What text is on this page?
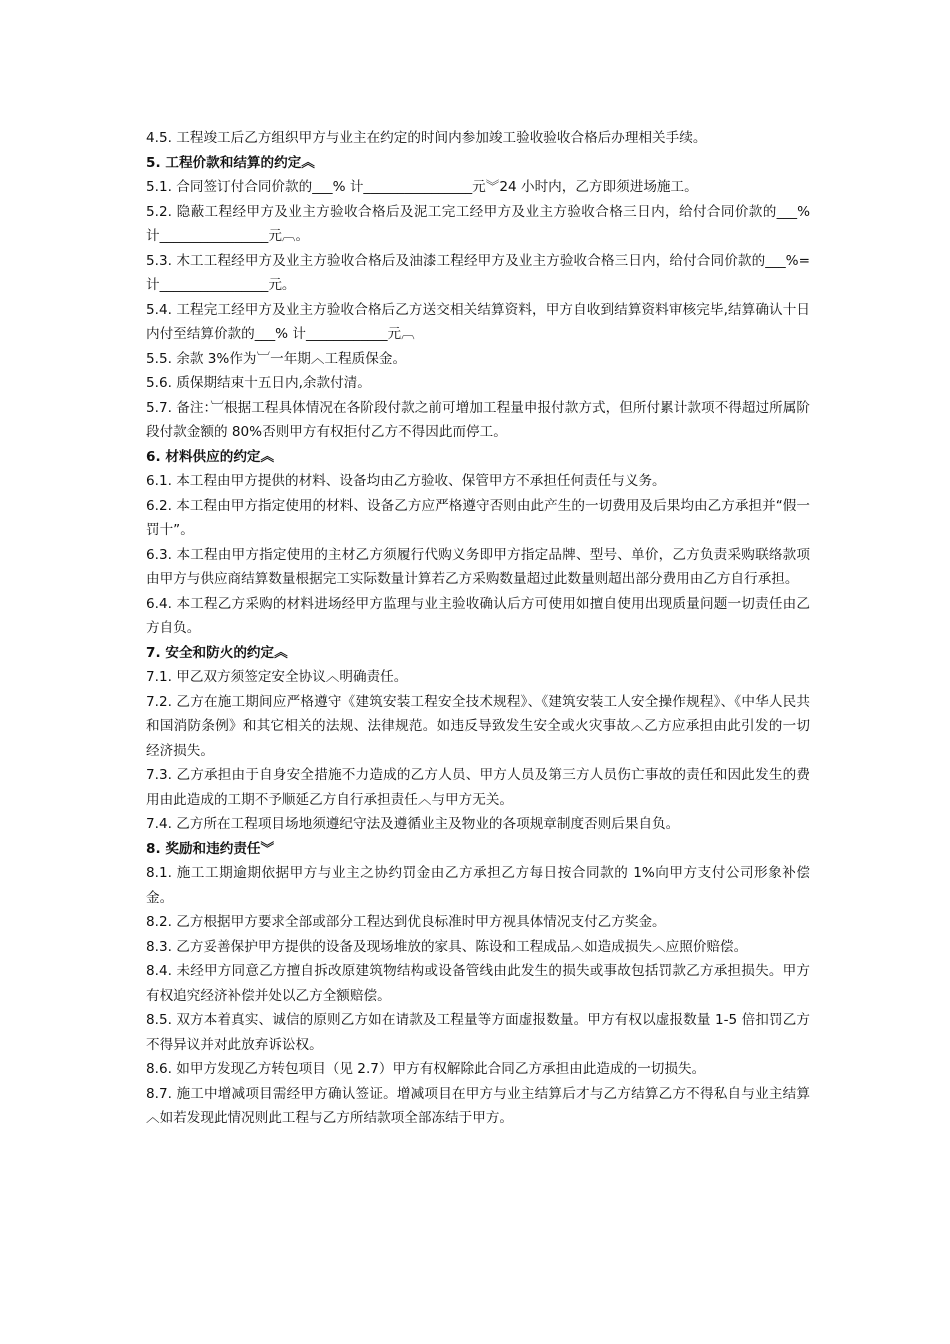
4.5. 工程竣工后乙方组织甲方与业主在约定的时间内参加竣工验收验收合格后办理相关手续。

5. 工程价款和结算的约定︽

5.1. 合同签订付合同价款的___% 计________________元︾24 小时内，乙方即须进场施工。

5.2. 隐蔽工程经甲方及业主方验收合格后及泥工完工经甲方及业主方验收合格三日内，给付合同价款的___% 计________________元︹。

5.3. 木工工程经甲方及业主方验收合格后及油漆工程经甲方及业主方验收合格三日内，给付合同价款的___%=计________________元。

5.4. 工程完工经甲方及业主方验收合格后乙方送交相关结算资料，甲方自收到结算资料审核完毕,结算确认十日内付至结算价款的___% 计____________元︹

5.5. 余款 3%作为︺一年期︿工程质保金。

5.6. 质保期结束十五日内,余款付清。

5.7. 备注：︺根据工程具体情况在各阶段付款之前可增加工程量申报付款方式，但所付累计款项不得超过所属阶段付款金额的 80%否则甲方有权拒付乙方不得因此而停工。

6. 材料供应的约定︽

6.1. 本工程由甲方提供的材料、设备均由乙方验收、保管甲方不承担任何责任与义务。

6.2. 本工程由甲方指定使用的材料、设备乙方应严格遵守否则由此产生的一切费用及后果均由乙方承担并“假一罚十”。

6.3. 本工程由甲方指定使用的主材乙方须履行代购义务即甲方指定品牌、型号、单价，乙方负责采购联络款项由甲方与供应商结算数量根据完工实际数量计算若乙方采购数量超过此数量则超出部分费用由乙方自行承担。

6.4. 本工程乙方采购的材料进场经甲方监理与业主验收确认后方可使用如擅自使用出现质量问题一切责任由乙方自负。

7. 安全和防火的约定︽

7.1. 甲乙双方须签定安全协议︿明确责任。

7.2. 乙方在施工期间应严格遵守《建筑安装工程安全技术规程》、《建筑安装工人安全操作规程》、《中华人民共和国消防条例》和其它相关的法规、法律规范。如违反导致发生安全或火灾事故︿乙方应承担由此引发的一切经济损失。

7.3. 乙方承担由于自身安全措施不力造成的乙方人员、甲方人员及第三方人员伤亡事故的责任和因此发生的费用由此造成的工期不予顺延乙方自行承担责任︿与甲方无关。

7.4. 乙方所在工程项目场地须遵纪守法及遵循业主及物业的各项规章制度否则后果自负。

8. 奖励和违约责任︾

8.1. 施工工期逾期依据甲方与业主之协约罚金由乙方承担乙方每日按合同款的 1%向甲方支付公司形象补偿金。

8.2. 乙方根据甲方要求全部或部分工程达到优良标准时甲方视具体情况支付乙方奖金。

8.3. 乙方妥善保护甲方提供的设备及现场堆放的家具、陈设和工程成品︿如造成损失︿应照价赔偿。

8.4. 未经甲方同意乙方擅自拆改原建筑物结构或设备管线由此发生的损失或事故包括罚款乙方承担损失。甲方有权追究经济补偿并处以乙方全额赔偿。

8.5. 双方本着真实、诚信的原则乙方如在请款及工程量等方面虚报数量。甲方有权以虚报数量 1-5 倍扣罚乙方不得异议并对此放弃诉讼权。

8.6. 如甲方发现乙方转包项目（见 2.7）甲方有权解除此合同乙方承担由此造成的一切损失。

8.7. 施工中增减项目需经甲方确认签证。增减项目在甲方与业主结算后才与乙方结算乙方不得私自与业主结算︿如若发现此情况则此工程与乙方所结款项全部冻结于甲方。
